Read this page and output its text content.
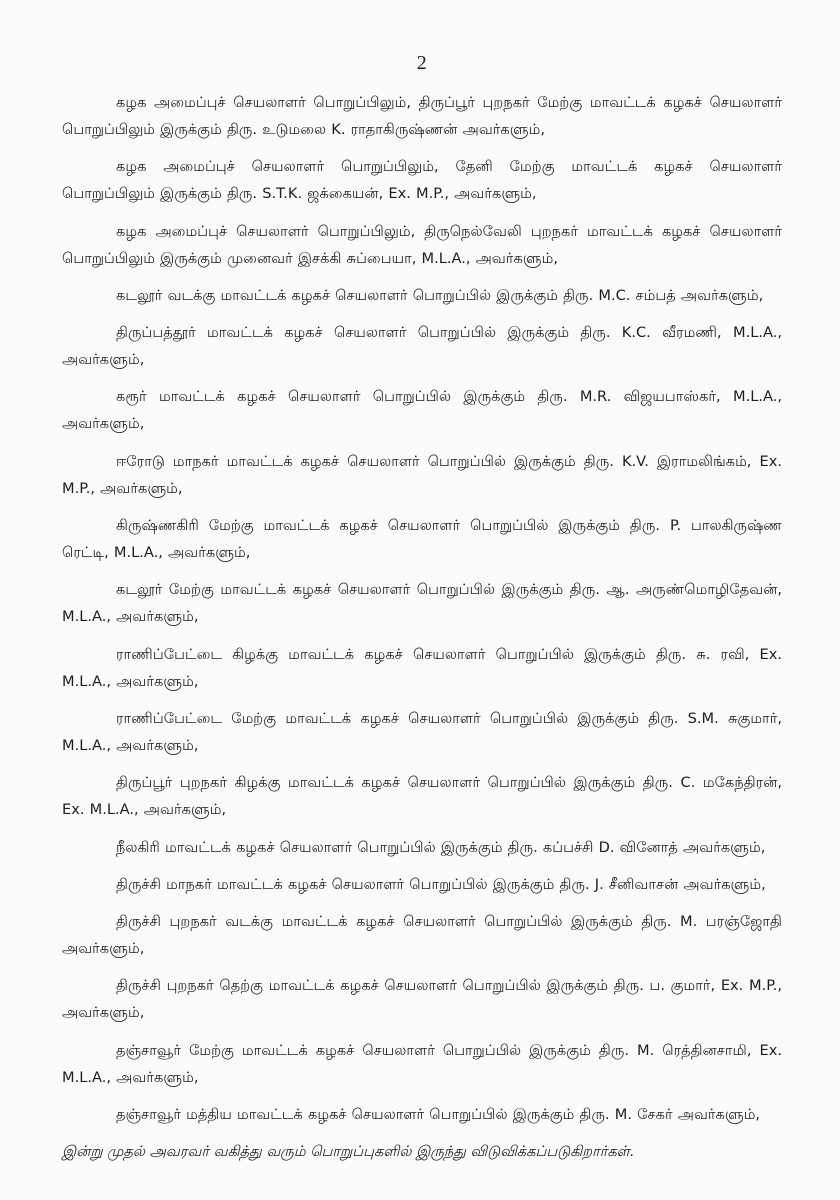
2

கழக அமைப்புச் செயலாளர் பொறுப்பிலும், திருப்பூர் புறநகர் மேற்கு மாவட்டக் கழகச் செயலாளர் பொறுப்பிலும் இருக்கும் திரு. உடுமலை K. ராதாகிருஷ்ணன் அவர்களும்,

கழக அமைப்புச் செயலாளர் பொறுப்பிலும், தேனி மேற்கு மாவட்டக் கழகச் செயலாளர் பொறுப்பிலும் இருக்கும் திரு. S.T.K. ஜக்கையன், Ex. M.P., அவர்களும்,

கழக அமைப்புச் செயலாளர் பொறுப்பிலும், திருநெல்வேலி புறநகர் மாவட்டக் கழகச் செயலாளர் பொறுப்பிலும் இருக்கும் முனைவர் இசக்கி சுப்பையா, M.L.A., அவர்களும்,

கடலூர் வடக்கு மாவட்டக் கழகச் செயலாளர் பொறுப்பில் இருக்கும் திரு. M.C. சம்பத் அவர்களும்,

திருப்பத்தூர் மாவட்டக் கழகச் செயலாளர் பொறுப்பில் இருக்கும் திரு. K.C. வீரமணி, M.L.A., அவர்களும்,

கரூர் மாவட்டக் கழகச் செயலாளர் பொறுப்பில் இருக்கும் திரு. M.R. விஜயபாஸ்கர், M.L.A., அவர்களும்,

ஈரோடு மாநகர் மாவட்டக் கழகச் செயலாளர் பொறுப்பில் இருக்கும் திரு. K.V. இராமலிங்கம், Ex. M.P., அவர்களும்,

கிருஷ்ணகிரி மேற்கு மாவட்டக் கழகச் செயலாளர் பொறுப்பில் இருக்கும் திரு. P. பாலகிருஷ்ண ரெட்டி, M.L.A., அவர்களும்,

கடலூர் மேற்கு மாவட்டக் கழகச் செயலாளர் பொறுப்பில் இருக்கும் திரு. ஆ. அருண்மொழிதேவன், M.L.A., அவர்களும்,

ராணிப்பேட்டை கிழக்கு மாவட்டக் கழகச் செயலாளர் பொறுப்பில் இருக்கும் திரு. சு. ரவி, Ex. M.L.A., அவர்களும்,

ராணிப்பேட்டை மேற்கு மாவட்டக் கழகச் செயலாளர் பொறுப்பில் இருக்கும் திரு. S.M. சுகுமார், M.L.A., அவர்களும்,

திருப்பூர் புறநகர் கிழக்கு மாவட்டக் கழகச் செயலாளர் பொறுப்பில் இருக்கும் திரு. C. மகேந்திரன், Ex. M.L.A., அவர்களும்,

நீலகிரி மாவட்டக் கழகச் செயலாளர் பொறுப்பில் இருக்கும் திரு. கப்பச்சி D. வினோத் அவர்களும்,

திருச்சி மாநகர் மாவட்டக் கழகச் செயலாளர் பொறுப்பில் இருக்கும் திரு. J. சீனிவாசன் அவர்களும்,

திருச்சி புறநகர் வடக்கு மாவட்டக் கழகச் செயலாளர் பொறுப்பில் இருக்கும் திரு. M. பரஞ்ஜோதி அவர்களும்,

திருச்சி புறநகர் தெற்கு மாவட்டக் கழகச் செயலாளர் பொறுப்பில் இருக்கும் திரு. ப. குமார், Ex. M.P., அவர்களும்,

தஞ்சாவூர் மேற்கு மாவட்டக் கழகச் செயலாளர் பொறுப்பில் இருக்கும் திரு. M. ரெத்தினசாமி, Ex. M.L.A., அவர்களும்,

தஞ்சாவூர் மத்திய மாவட்டக் கழகச் செயலாளர் பொறுப்பில் இருக்கும் திரு. M. சேகர் அவர்களும்,

இன்று முதல் அவரவர் வகித்து வரும் பொறுப்புகளில் இருந்து விடுவிக்கப்படுகிறார்கள்.
